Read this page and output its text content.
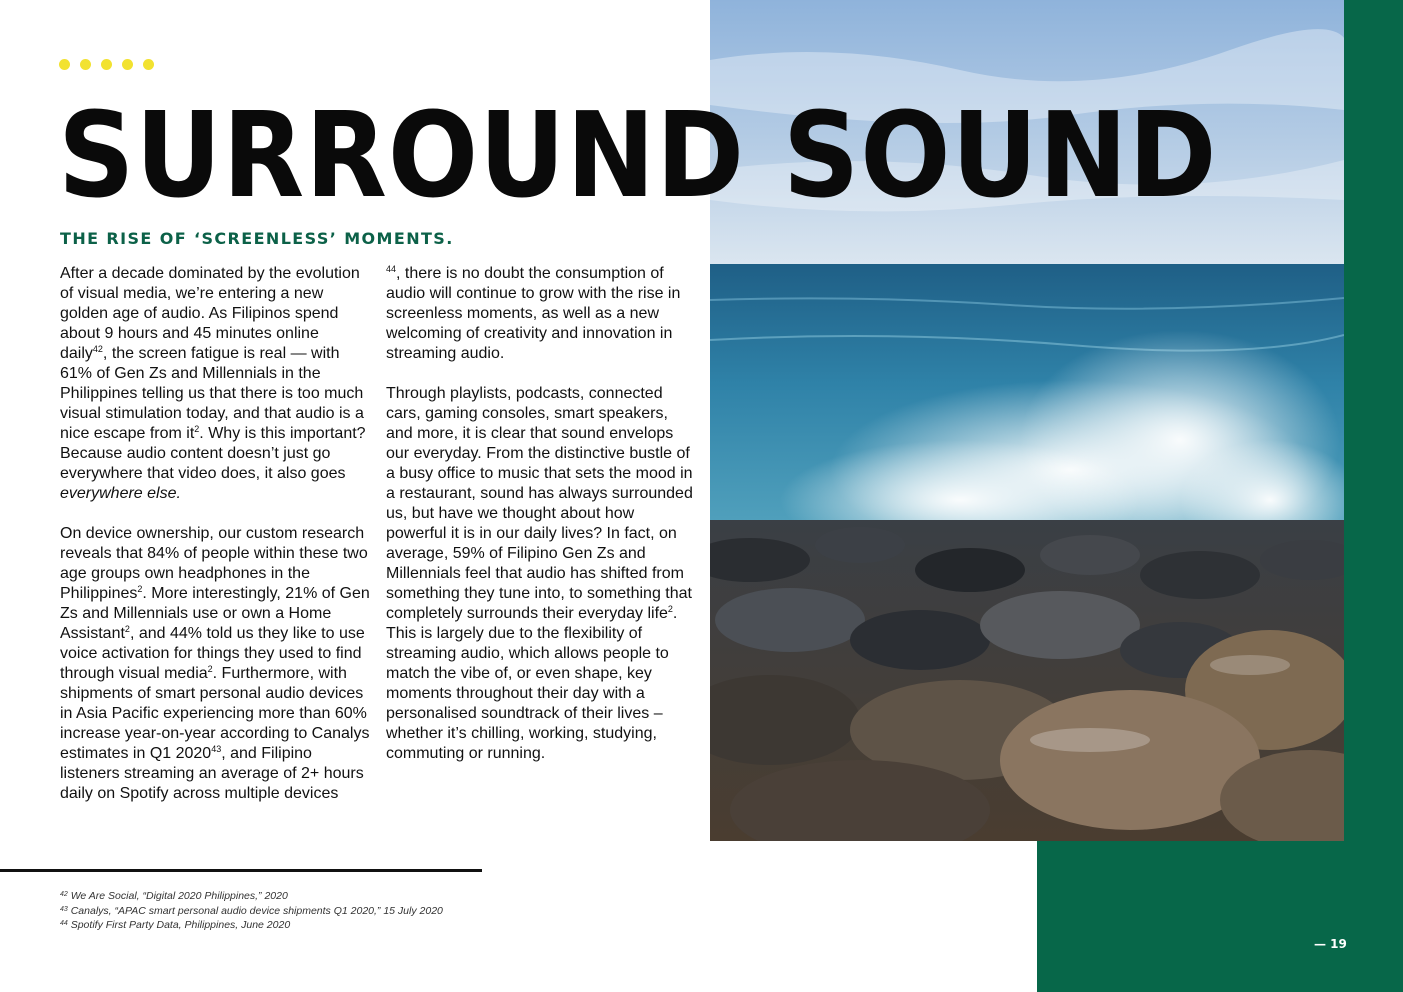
SURROUND SOUND
THE RISE OF ‘SCREENLESS’ MOMENTS.

After a decade dominated by the evolution of visual media, we’re entering a new golden age of audio. As Filipinos spend about 9 hours and 45 minutes online daily$^{42}$, the screen fatigue is real — with 61% of Gen Zs and Millennials in the Philippines telling us that there is too much visual stimulation today, and that audio is a nice escape from $it^2$. Why is this important? Because audio content doesn’t just go everywhere that video does, it also goes everywhere else.

On device ownership, our custom research reveals that 84% of people within these two age groups own headphones in the Philippines$^2$. More interestingly, 21% of Gen Zs and Millennials use or own a Home Assistant$^2$, and 44% told us they like to use voice activation for things they used to find through visual media$^2$. Furthermore, with shipments of smart personal audio devices in Asia Pacific experiencing more than 60% increase year-on-year according to Canalys estimates in Q1 2020$^{43}$, and Filipino listeners streaming an average of 2+ hours daily on Spotify across multiple devices

$^{44}$, there is no doubt the consumption of audio will continue to grow with the rise in screenless moments, as well as a new welcoming of creativity and innovation in streaming audio.

Through playlists, podcasts, connected cars, gaming consoles, smart speakers, and more, it is clear that sound envelops our everyday. From the distinctive bustle of a busy office to music that sets the mood in a restaurant, sound has always surrounded us, but have we thought about how powerful it is in our daily lives? In fact, on average, 59% of Filipino Gen Zs and Millennials feel that audio has shifted from something they tune into, to something that completely surrounds their everyday life$^2$. This is largely due to the flexibility of streaming audio, which allows people to match the vibe of, or even shape, key moments throughout their day with a personalised soundtrack of their lives – whether it’s chilling, working, studying, commuting or running.

$^{42}$ We Are Social, “Digital 2020 Philippines,” 2020
$^{43}$ Canalys, “APAC smart personal audio device shipments Q1 2020,” 15 July 2020
$^{44}$ Spotify First Party Data, Philippines, June 2020
— 19
